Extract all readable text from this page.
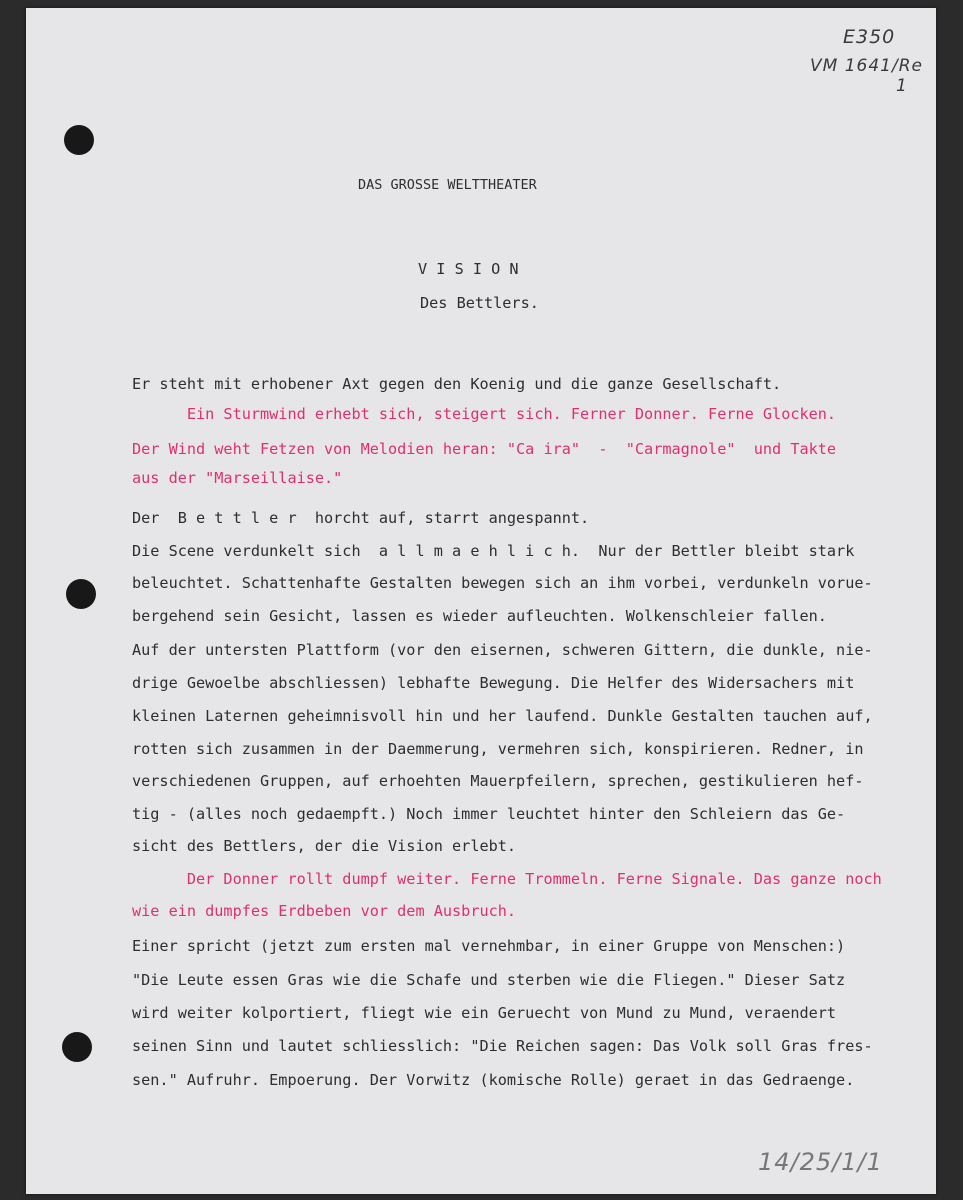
E350
VM 1641/Re
1
14/25/1/1
DAS GROSSE WELTTHEATER
V I S I O N
Des Bettlers.
Er steht mit erhobener Axt gegen den Koenig und die ganze Gesellschaft.
Ein Sturmwind erhebt sich, steigert sich. Ferner Donner. Ferne Glocken.
Der Wind weht Fetzen von Melodien heran: "Ca ira"  -  "Carmagnole"  und Takte
aus der "Marseillaise."
Der  B e t t l e r  horcht auf, starrt angespannt.
Die Scene verdunkelt sich  a l l m a e h l i c h.  Nur der Bettler bleibt stark
beleuchtet. Schattenhafte Gestalten bewegen sich an ihm vorbei, verdunkeln vorue-
bergehend sein Gesicht, lassen es wieder aufleuchten. Wolkenschleier fallen.
Auf der untersten Plattform (vor den eisernen, schweren Gittern, die dunkle, nie-
drige Gewoelbe abschliessen) lebhafte Bewegung. Die Helfer des Widersachers mit
kleinen Laternen geheimnisvoll hin und her laufend. Dunkle Gestalten tauchen auf,
rotten sich zusammen in der Daemmerung, vermehren sich, konspirieren. Redner, in
verschiedenen Gruppen, auf erhoehten Mauerpfeilern, sprechen, gestikulieren hef-
tig - (alles noch gedaempft.) Noch immer leuchtet hinter den Schleiern das Ge-
sicht des Bettlers, der die Vision erlebt.
Der Donner rollt dumpf weiter. Ferne Trommeln. Ferne Signale. Das ganze noch
wie ein dumpfes Erdbeben vor dem Ausbruch.
Einer spricht (jetzt zum ersten mal vernehmbar, in einer Gruppe von Menschen:)
"Die Leute essen Gras wie die Schafe und sterben wie die Fliegen." Dieser Satz
wird weiter kolportiert, fliegt wie ein Geruecht von Mund zu Mund, veraendert
seinen Sinn und lautet schliesslich: "Die Reichen sagen: Das Volk soll Gras fres-
sen." Aufruhr. Empoerung. Der Vorwitz (komische Rolle) geraet in das Gedraenge.
